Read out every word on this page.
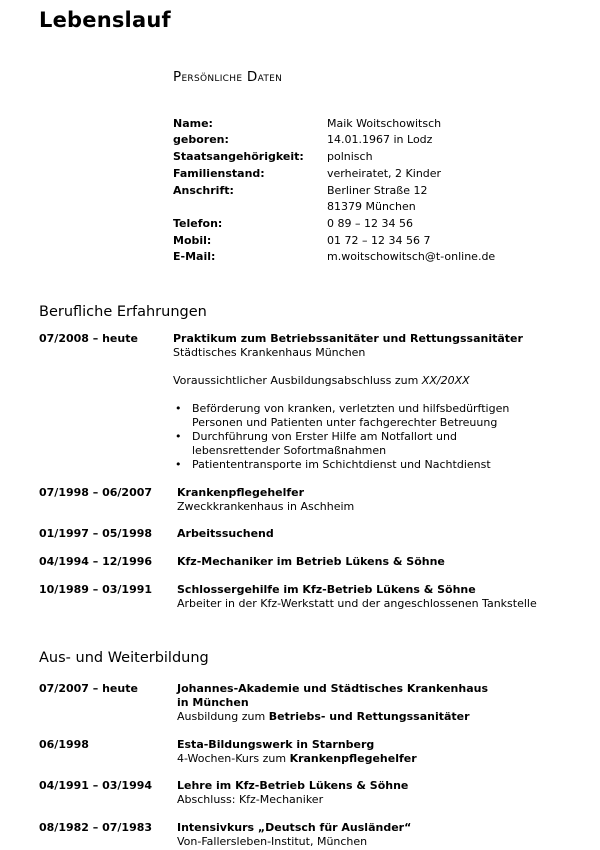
Lebenslauf
Persönliche Daten
Name:	Maik Woitschowitsch
geboren:	14.01.1967 in Lodz
Staatsangehörigkeit: polnisch
Familienstand:	verheiratet, 2 Kinder
Anschrift:	Berliner Straße 12
81379 München
Telefon:	0 89 – 12 34 56
Mobil:	01 72 – 12 34 56 7
E-Mail:	m.woitschowitsch@t-online.de
Berufliche Erfahrungen
07/2008 – heute	Praktikum zum Betriebssanitäter und Rettungssanitäter
Städtisches Krankenhaus München
Voraussichtlicher Ausbildungsabschluss zum XX/20XX
• Beförderung von kranken, verletzten und hilfsbedürftigen
Personen und Patienten unter fachgerechter Betreuung
• Durchführung von Erster Hilfe am Notfallort und
lebensrettender Sofortmaßnahmen
• Patiententransporte im Schichtdienst und Nachtdienst
07/1998 – 06/2007 Krankenpflegehelfer
Zweckkrankenhaus in Aschheim
01/1997 – 05/1998 Arbeitssuchend
04/1994 – 12/1996 Kfz-Mechaniker im Betrieb Lükens & Söhne
10/1989 – 03/1991 Schlossergehilfe im Kfz-Betrieb Lükens & Söhne
Arbeiter in der Kfz-Werkstatt und der angeschlossenen Tankstelle
Aus- und Weiterbildung
07/2007 – heute	Johannes-Akademie und Städtisches Krankenhaus
in München
Ausbildung zum Betriebs- und Rettungssanitäter
06/1998	Esta-Bildungswerk in Starnberg
4-Wochen-Kurs zum Krankenpflegehelfer
04/1991 – 03/1994 Lehre im Kfz-Betrieb Lükens & Söhne
Abschluss: Kfz-Mechaniker
08/1982 – 07/1983 Intensivkurs „Deutsch für Ausländer“
Von-Fallersleben-Institut, München
